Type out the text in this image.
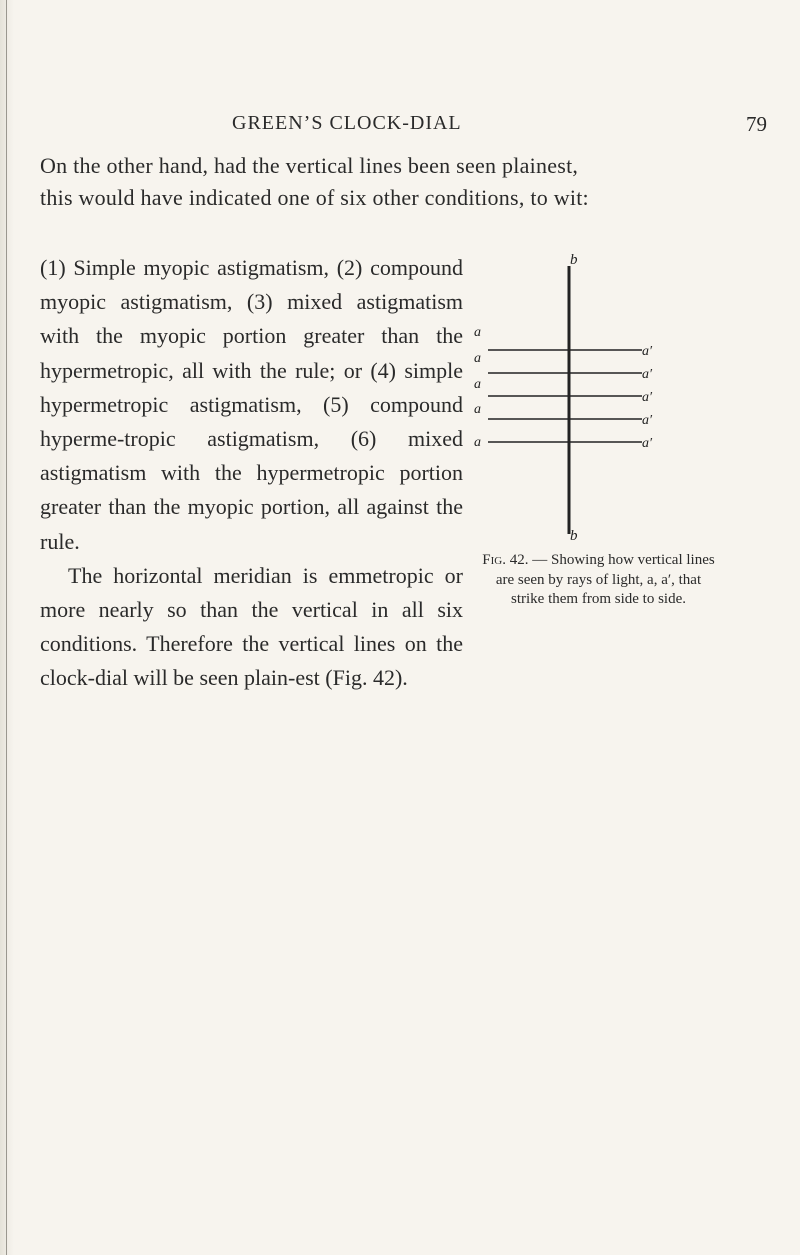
GREEN’S CLOCK-DIAL	79
On the other hand, had the vertical lines been seen plainest,
this would have indicated one of six other conditions, to wit:

(1) Simple myopic astigmatism, (2) compound myopic astigmatism, (3) mixed astigmatism with the myopic portion greater than the hypermetropic, all with the rule; or (4) simple hypermetropic astigmatism, (5) compound hyperme-tropic astigmatism, (6) mixed astigmatism with the hypermetropic portion greater than the myopic portion, all against the rule.

The horizontal meridian is emmetropic or more nearly so than the vertical in all six conditions. Therefore the vertical lines on the clock-dial will be seen plain-est (Fig. 42).

b
b
a
a
a
a
a
a′
a′
a′
a′
a′
Fig. 42. — Showing how vertical lines are seen by rays of light, a, a′, that strike them from side to side.
